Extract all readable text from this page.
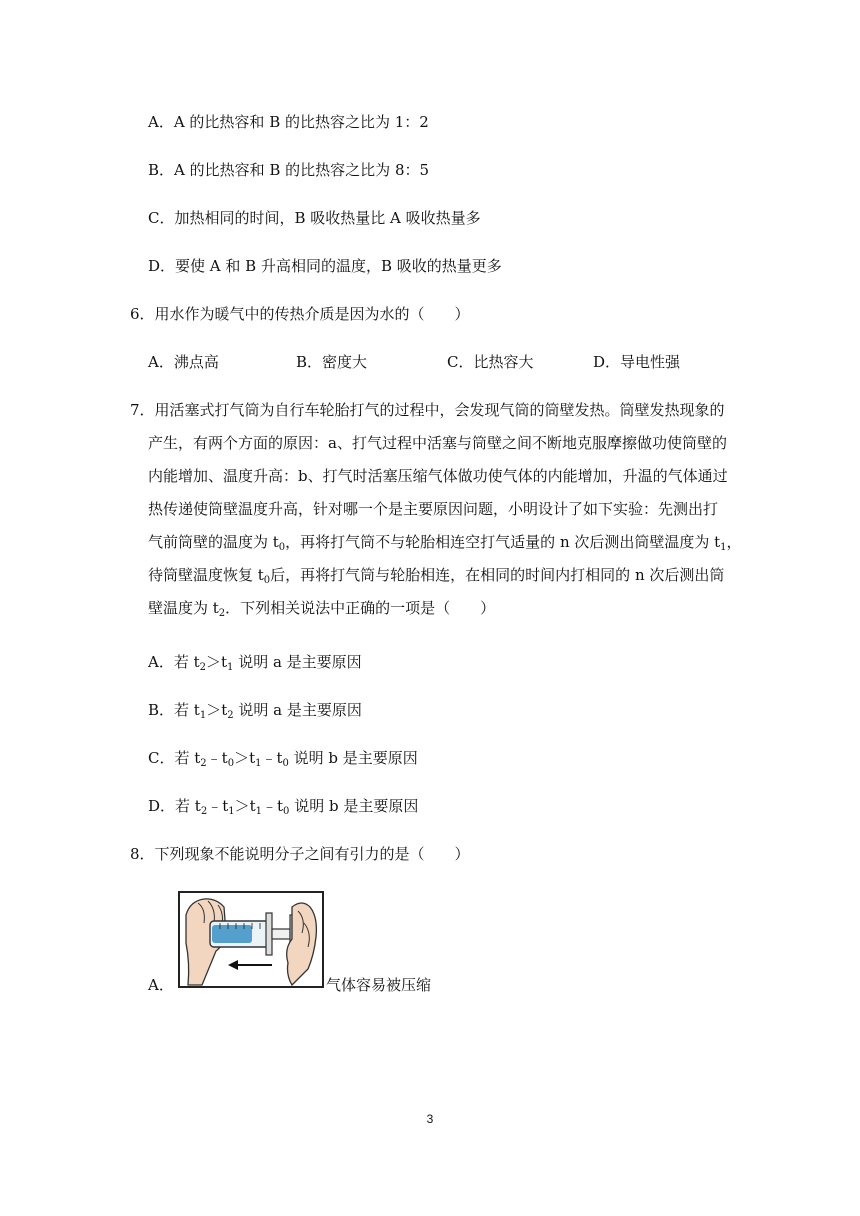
A．A 的比热容和 B 的比热容之比为 1：2
B．A 的比热容和 B 的比热容之比为 8：5
C．加热相同的时间，B 吸收热量比 A 吸收热量多
D．要使 A 和 B 升高相同的温度，B 吸收的热量更多
6．用水作为暖气中的传热介质是因为水的（　　）
A．沸点高	B．密度大	C．比热容大	D．导电性强
7．用活塞式打气筒为自行车轮胎打气的过程中，会发现气筒的筒壁发热。筒壁发热现象的
产生，有两个方面的原因：a、打气过程中活塞与筒壁之间不断地克服摩擦做功使筒壁的
内能增加、温度升高：b、打气时活塞压缩气体做功使气体的内能增加，升温的气体通过
热传递使筒壁温度升高，针对哪一个是主要原因问题，小明设计了如下实验：先测出打
气前筒壁的温度为 $t_0$，再将打气筒不与轮胎相连空打气适量的 n 次后测出筒壁温度为 $t_1$，
待筒壁温度恢复 $t_0$后，再将打气筒与轮胎相连，在相同的时间内打相同的 n 次后测出筒
壁温度为 $t_2$．下列相关说法中正确的一项是（　　）
A．若 $t_2>t_1$ 说明 a 是主要原因
B．若 $t_1>t_2$ 说明 a 是主要原因
C．若 $t_2﹣t_0>t_1﹣t_0$ 说明 b 是主要原因
D．若 $t_2﹣t_1>t_1﹣t_0$ 说明 b 是主要原因
8．下列现象不能说明分子之间有引力的是（　　）
A．	气体容易被压缩
3
